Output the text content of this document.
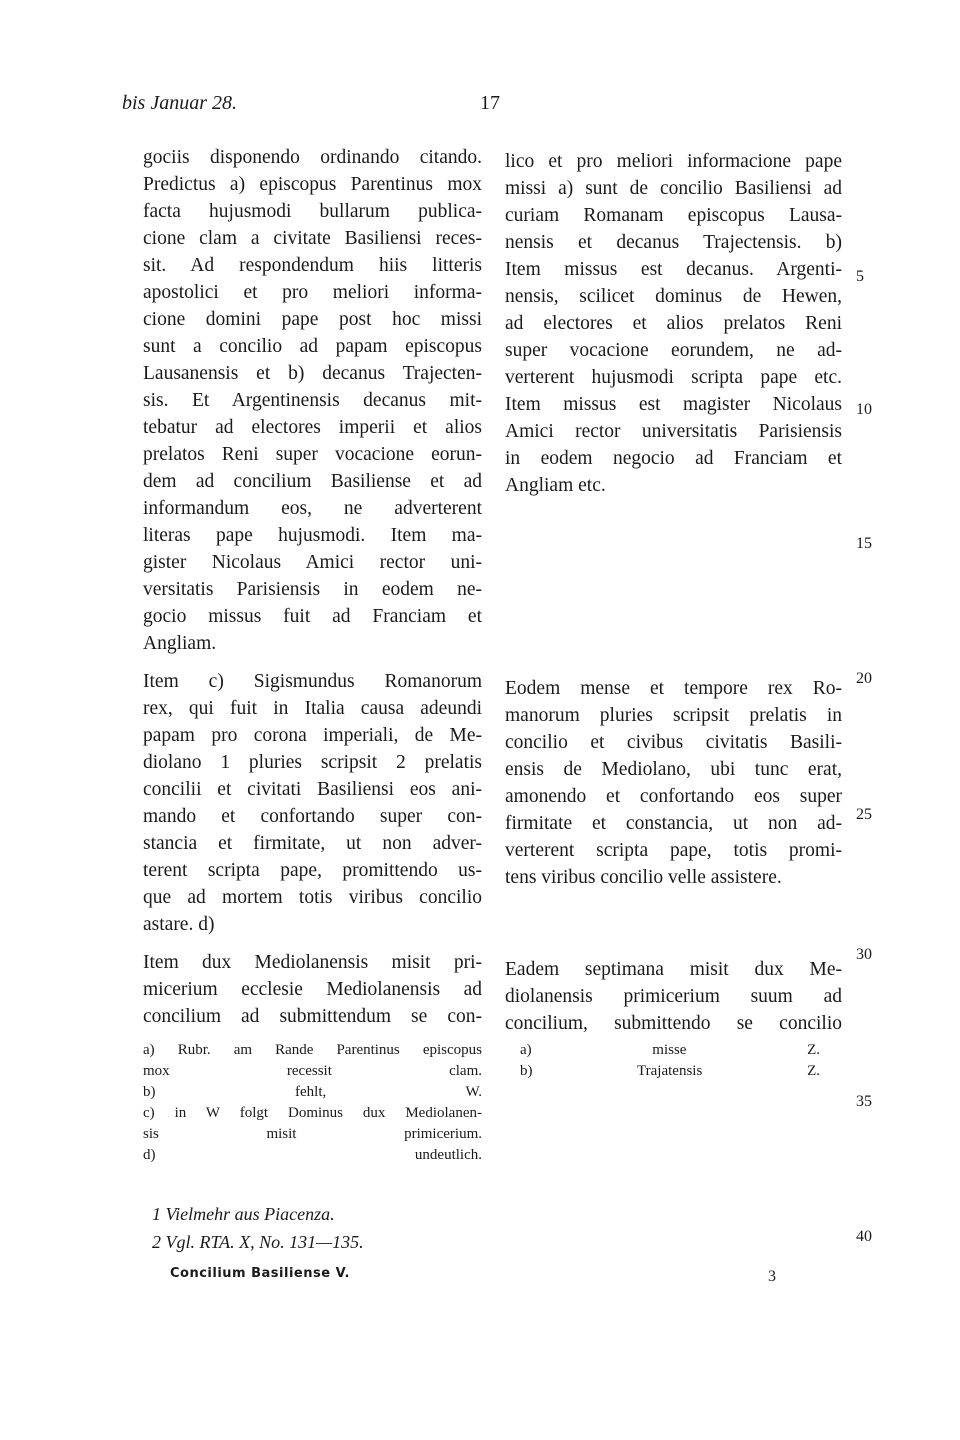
bis Januar 28.	17
gociis disponendo ordinando citando.
Predictus a) episcopus Parentinus mox
facta hujusmodi bullarum publica-
cione clam a civitate Basiliensi reces-
sit. Ad respondendum hiis litteris
apostolici et pro meliori informa-
cione domini pape post hoc missi
sunt a concilio ad papam episcopus
Lausanensis et b) decanus Trajecten-
sis. Et Argentinensis decanus mit-
tebatur ad electores imperii et alios
prelatos Reni super vocacione eorun-
dem ad concilium Basiliense et ad
informandum eos, ne adverterent
literas pape hujusmodi. Item ma-
gister Nicolaus Amici rector uni-
versitatis Parisiensis in eodem ne-
gocio missus fuit ad Franciam et
Angliam.
Item c) Sigismundus Romanorum
rex, qui fuit in Italia causa adeundi
papam pro corona imperiali, de Me-
diolano 1 pluries scripsit 2 prelatis
concilii et civitati Basiliensi eos ani-
mando et confortando super con-
stancia et firmitate, ut non adver-
terent scripta pape, promittendo us-
que ad mortem totis viribus concilio
astare. d)
Item dux Mediolanensis misit pri-
micerium ecclesie Mediolanensis ad
concilium ad submittendum se con-
lico et pro meliori informacione pape
missi a) sunt de concilio Basiliensi ad
curiam Romanam episcopus Lausa-
nensis et decanus Trajectensis. b)
Item missus est decanus. Argenti-
nensis, scilicet dominus de Hewen,
ad electores et alios prelatos Reni
super vocacione eorundem, ne ad-
verterent hujusmodi scripta pape etc.
Item missus est magister Nicolaus
Amici rector universitatis Parisiensis
in eodem negocio ad Franciam et
Angliam etc.
Eodem mense et tempore rex Ro-
manorum pluries scripsit prelatis in
concilio et civibus civitatis Basili-
ensis de Mediolano, ubi tunc erat,
amonendo et confortando eos super
firmitate et constancia, ut non ad-
verterent scripta pape, totis promi-
tens viribus concilio velle assistere.
Eadem septimana misit dux Me-
diolanensis primicerium suum ad
concilium, submittendo se concilio
5
10
15
20
25
30
35
40
a) Rubr. am Rande Parentinus episcopus
mox recessit clam.
b) fehlt, W.
c) in W folgt Dominus dux Mediolanen-
sis misit primicerium.
d) undeutlich.
a) misse Z.
b) Trajatensis Z.
1 Vielmehr aus Piacenza.
2 Vgl. RTA. X, No. 131—135.
Concilium Basiliense V.	3
